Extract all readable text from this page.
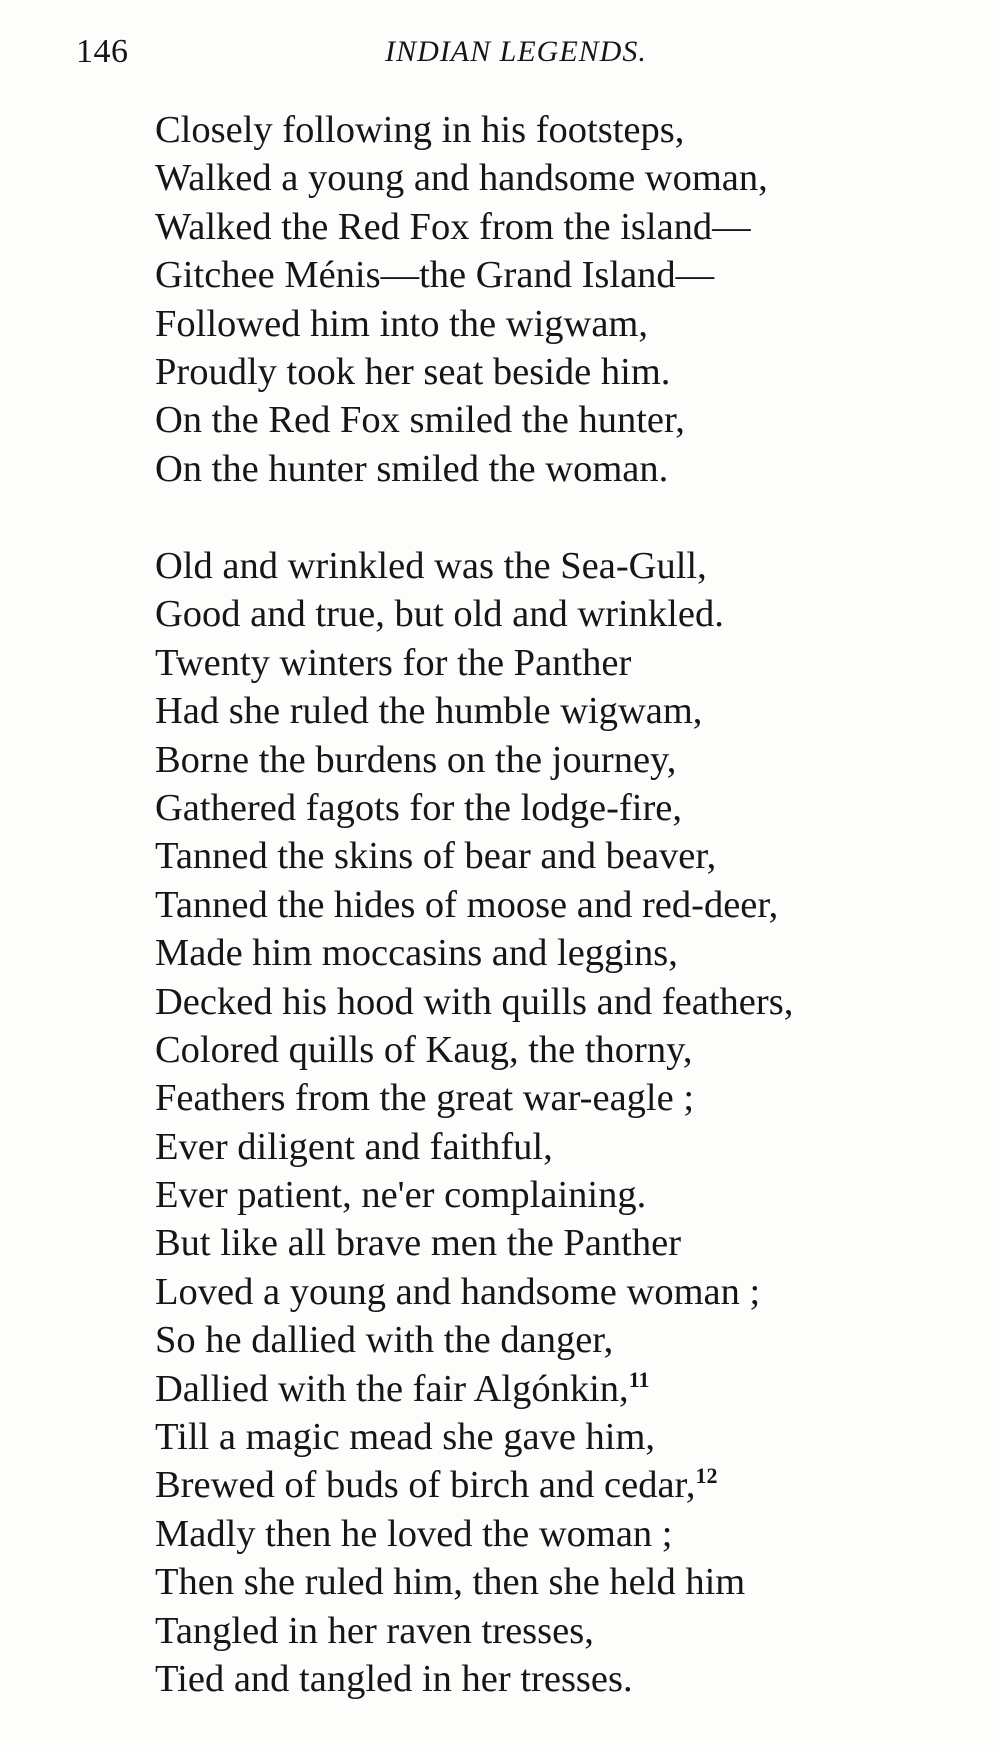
146	INDIAN LEGENDS.
Closely following in his footsteps,
Walked a young and handsome woman,
Walked the Red Fox from the island—
Gitchee Ménis—the Grand Island—
Followed him into the wigwam,
Proudly took her seat beside him.
On the Red Fox smiled the hunter,
On the hunter smiled the woman.
Old and wrinkled was the Sea-Gull,
Good and true, but old and wrinkled.
Twenty winters for the Panther
Had she ruled the humble wigwam,
Borne the burdens on the journey,
Gathered fagots for the lodge-fire,
Tanned the skins of bear and beaver,
Tanned the hides of moose and red-deer,
Made him moccasins and leggins,
Decked his hood with quills and feathers,
Colored quills of Kaug, the thorny,
Feathers from the great war-eagle ;
Ever diligent and faithful,
Ever patient, ne'er complaining.
But like all brave men the Panther
Loved a young and handsome woman ;
So he dallied with the danger,
Dallied with the fair Algónkin,$^{11}$
Till a magic mead she gave him,
Brewed of buds of birch and cedar,$^{12}$
Madly then he loved the woman ;
Then she ruled him, then she held him
Tangled in her raven tresses,
Tied and tangled in her tresses.
